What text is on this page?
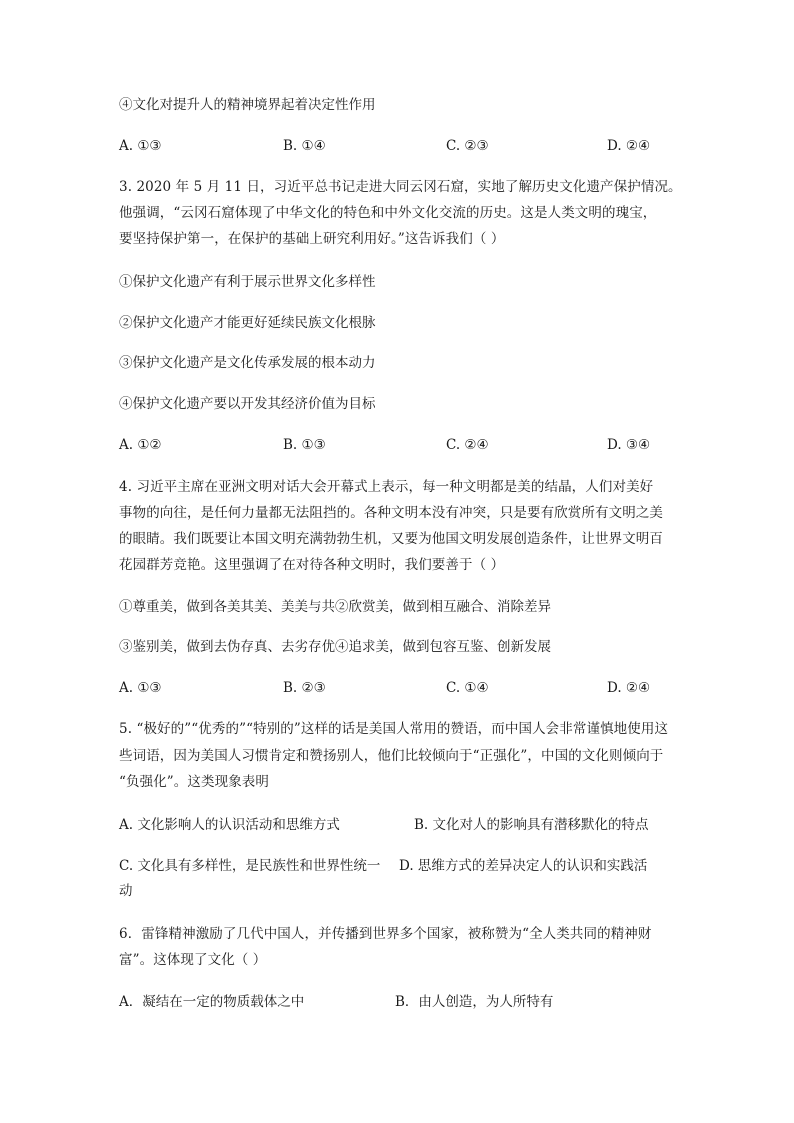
④文化对提升人的精神境界起着决定性作用
A. ①③	B. ①④	C. ②③	D. ②④
3. 2020 年 5 月 11 日，习近平总书记走进大同云冈石窟，实地了解历史文化遗产保护情况。
他强调，“云冈石窟体现了中华文化的特色和中外文化交流的历史。这是人类文明的瑰宝，
要坚持保护第一，在保护的基础上研究利用好。”这告诉我们（ ）
①保护文化遗产有利于展示世界文化多样性
②保护文化遗产才能更好延续民族文化根脉
③保护文化遗产是文化传承发展的根本动力
④保护文化遗产要以开发其经济价值为目标
A. ①②	B. ①③	C. ②④	D. ③④
4. 习近平主席在亚洲文明对话大会开幕式上表示，每一种文明都是美的结晶，人们对美好
事物的向往，是任何力量都无法阻挡的。各种文明本没有冲突，只是要有欣赏所有文明之美
的眼睛。我们既要让本国文明充满勃勃生机，又要为他国文明发展创造条件，让世界文明百
花园群芳竞艳。这里强调了在对待各种文明时，我们要善于（ ）
①尊重美，做到各美其美、美美与共②欣赏美，做到相互融合、消除差异
③鉴别美，做到去伪存真、去劣存优④追求美，做到包容互鉴、创新发展
A. ①③	B. ②③	C. ①④	D. ②④
5. “极好的”“优秀的”“特别的”这样的话是美国人常用的赞语，而中国人会非常谨慎地使用这
些词语，因为美国人习惯肯定和赞扬别人，他们比较倾向于“正强化”，中国的文化则倾向于
“负强化”。这类现象表明
A. 文化影响人的认识活动和思维方式	B. 文化对人的影响具有潜移默化的特点
C. 文化具有多样性，是民族性和世界性统一 D. 思维方式的差异决定人的认识和实践活
动
6．雷锋精神激励了几代中国人，并传播到世界多个国家，被称赞为“全人类共同的精神财
富”。这体现了文化（ ）
A．凝结在一定的物质载体之中	B．由人创造，为人所特有
